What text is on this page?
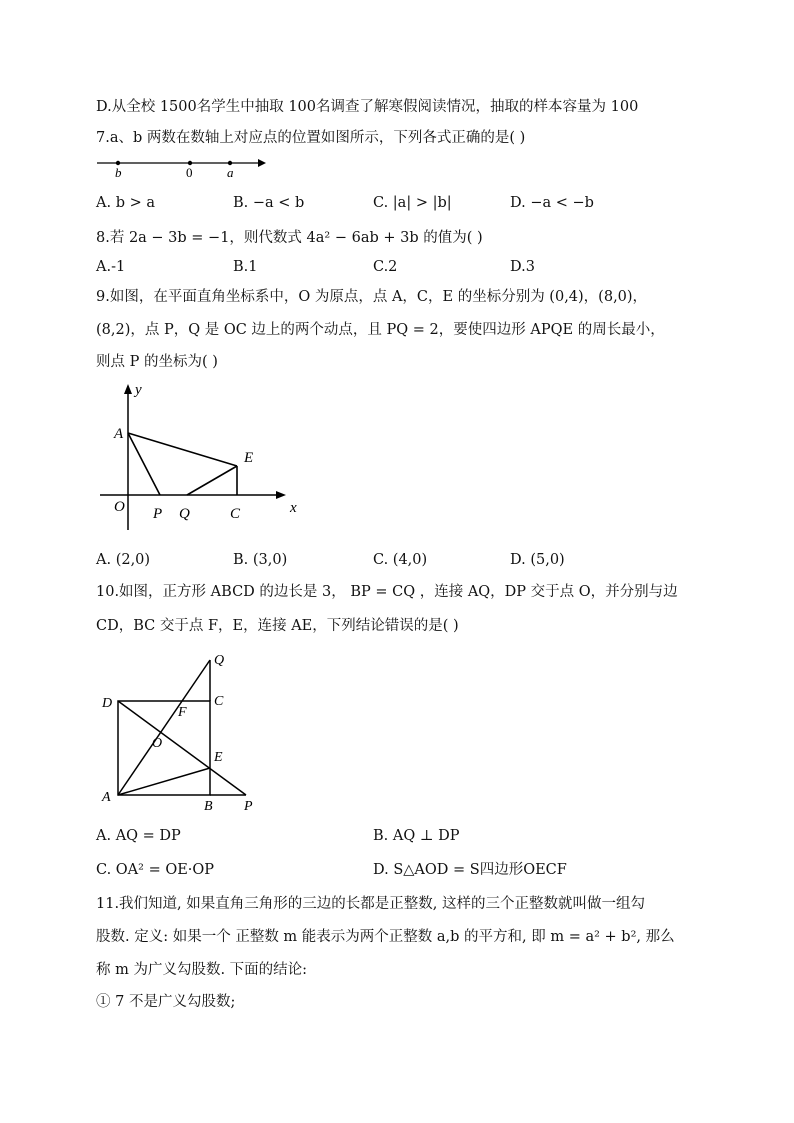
D.从全校 1500名学生中抽取 100名调查了解寒假阅读情况，抽取的样本容量为 100
7.a、b 两数在数轴上对应点的位置如图所示，下列各式正确的是( )
b	0	a
A. b > a	B. −a < b	C. |a| > |b|	D. −a < −b
8.若 2a − 3b = −1，则代数式 4a² − 6ab + 3b 的值为( )
A.-1	B.1	C.2	D.3
9.如图，在平面直角坐标系中，O 为原点，点 A，C，E 的坐标分别为 (0,4)，(8,0)，
(8,2)，点 P，Q 是 OC 边上的两个动点，且 PQ = 2，要使四边形 APQE 的周长最小，
则点 P 的坐标为( )
y
x
A
E
O P Q	C
A. (2,0)	B. (3,0)	C. (4,0)	D. (5,0)
10.如图，正方形 ABCD 的边长是 3， BP = CQ ，连接 AQ，DP 交于点 O，并分别与边
CD，BC 交于点 F，E，连接 AE，下列结论错误的是( )
Q
D	C
F
O
E
A
B P
A. AQ = DP	B. AQ ⊥ DP
C. OA² = OE·OP	D. S△AOD = S四边形OECF
11.我们知道, 如果直角三角形的三边的长都是正整数, 这样的三个正整数就叫做一组勾
股数. 定义: 如果一个 正整数 m 能表示为两个正整数 a,b 的平方和, 即 m = a² + b², 那么
称 m 为广义勾股数. 下面的结论:
① 7 不是广义勾股数;
